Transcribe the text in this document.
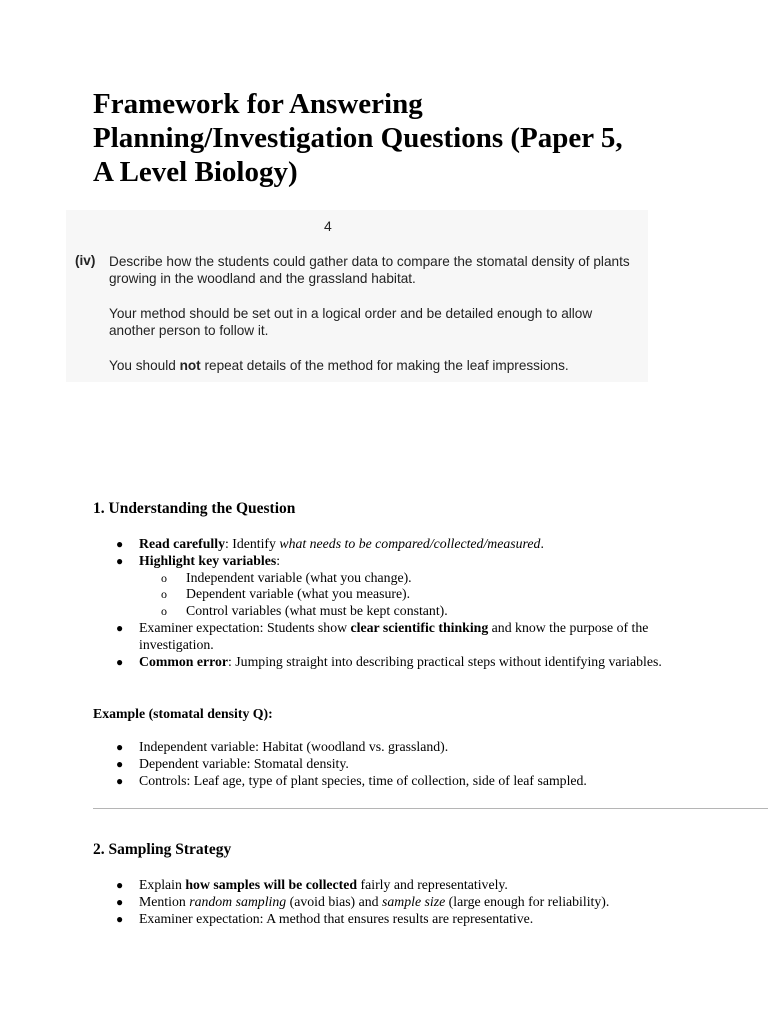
Framework for Answering
Planning/Investigation Questions (Paper 5,
A Level Biology)
4
(iv) Describe how the students could gather data to compare the stomatal density of plants growing in the woodland and the grassland habitat.
Your method should be set out in a logical order and be detailed enough to allow another person to follow it.
You should not repeat details of the method for making the leaf impressions.
1. Understanding the Question
● Read carefully: Identify what needs to be compared/collected/measured.
● Highlight key variables:
o Independent variable (what you change).
o Dependent variable (what you measure).
o Control variables (what must be kept constant).
● Examiner expectation: Students show clear scientific thinking and know the purpose of the investigation.
● Common error: Jumping straight into describing practical steps without identifying variables.
Example (stomatal density Q):
● Independent variable: Habitat (woodland vs. grassland).
● Dependent variable: Stomatal density.
● Controls: Leaf age, type of plant species, time of collection, side of leaf sampled.
2. Sampling Strategy
● Explain how samples will be collected fairly and representatively.
● Mention random sampling (avoid bias) and sample size (large enough for reliability).
● Examiner expectation: A method that ensures results are representative.
